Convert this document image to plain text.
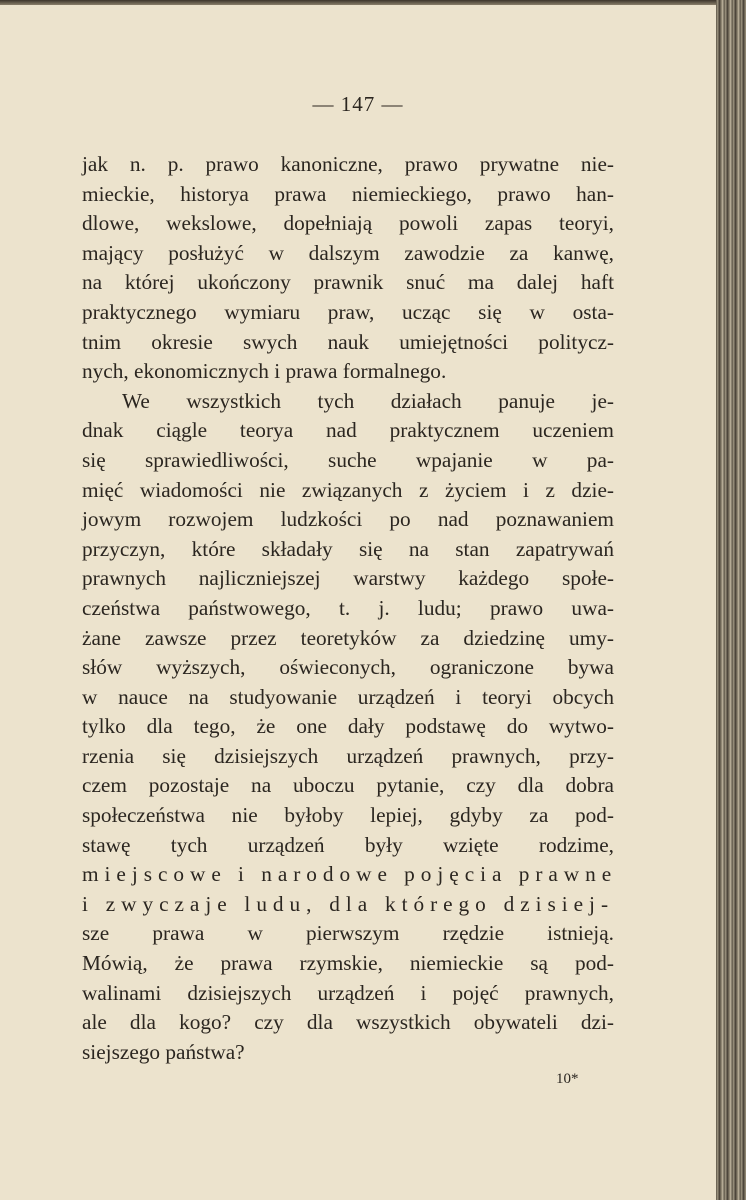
— 147 —
jak n. p. prawo kanoniczne, prawo prywatne nie-
mieckie, historya prawa niemieckiego, prawo han-
dlowe, wekslowe, dopełniają powoli zapas teoryi,
mający posłużyć w dalszym zawodzie za kanwę,
na której ukończony prawnik snuć ma dalej haft
praktycznego wymiaru praw, ucząc się w osta-
tnim okresie swych nauk umiejętności politycz-
nych, ekonomicznych i prawa formalnego.
We wszystkich tych działach panuje je-
dnak ciągle teorya nad praktycznem uczeniem
się sprawiedliwości, suche wpajanie w pa-
mięć wiadomości nie związanych z życiem i z dzie-
jowym rozwojem ludzkości po nad poznawaniem
przyczyn, które składały się na stan zapatrywań
prawnych najliczniejszej warstwy każdego społe-
czeństwa państwowego, t. j. ludu; prawo uwa-
żane zawsze przez teoretyków za dziedzinę umy-
słów wyższych, oświeconych, ograniczone bywa
w nauce na studyowanie urządzeń i teoryi obcych
tylko dla tego, że one dały podstawę do wytwo-
rzenia się dzisiejszych urządzeń prawnych, przy-
czem pozostaje na uboczu pytanie, czy dla dobra
społeczeństwa nie byłoby lepiej, gdyby za pod-
stawę tych urządzeń były wzięte rodzime,
miejscowe i narodowe pojęcia prawne
i zwyczaje ludu, dla którego dzisiej-
sze prawa w pierwszym rzędzie istnieją.
Mówią, że prawa rzymskie, niemieckie są pod-
walinami dzisiejszych urządzeń i pojęć prawnych,
ale dla kogo? czy dla wszystkich obywateli dzi-
siejszego państwa?
10*
